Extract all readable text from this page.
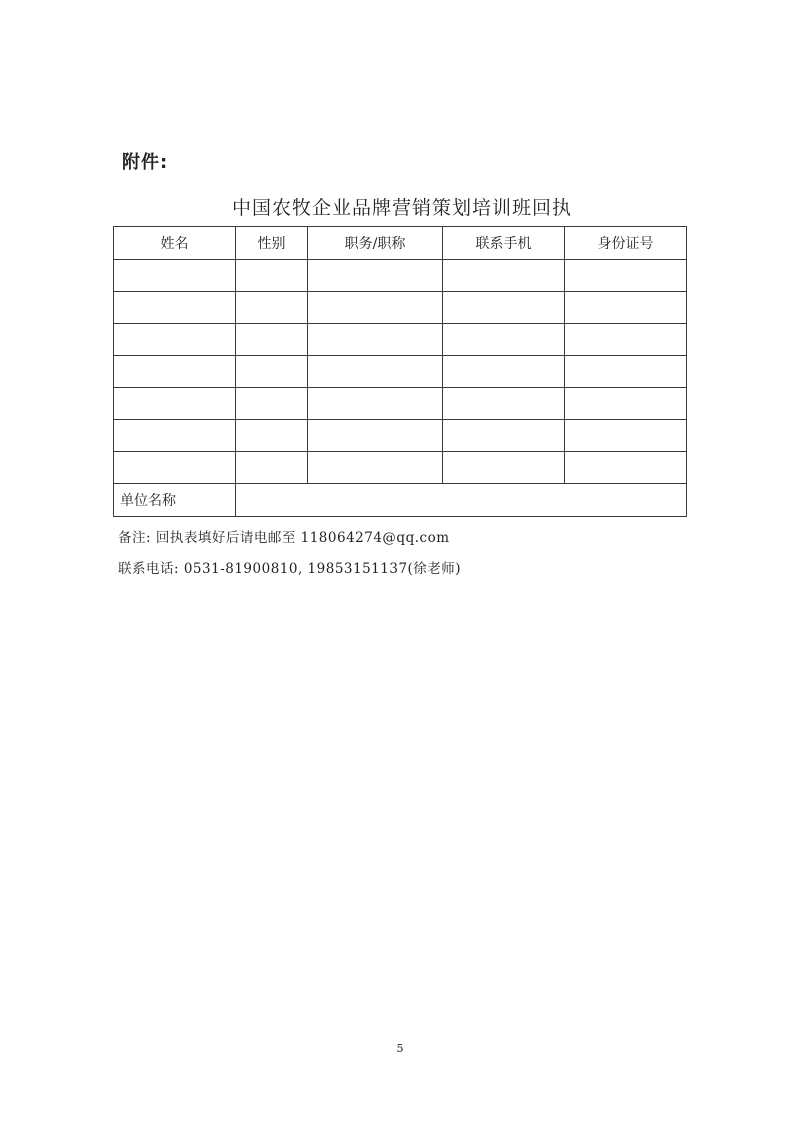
附件:
中国农牧企业品牌营销策划培训班回执
姓名	性别	职务/职称	联系手机	身份证号

单位名称				
备注: 回执表填好后请电邮至 118064274@qq.com
联系电话: 0531-81900810, 19853151137(徐老师)
5
